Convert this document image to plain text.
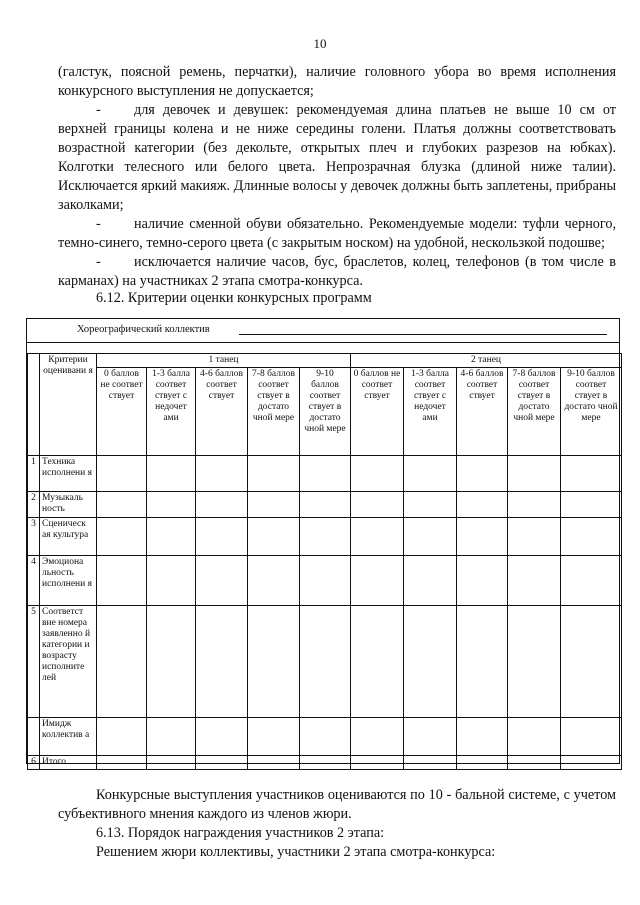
10

(галстук, поясной ремень, перчатки), наличие головного убора во время исполнения конкурсного выступления не допускается;

- для девочек и девушек: рекомендуемая длина платьев не выше 10 см от верхней границы колена и не ниже середины голени. Платья должны соответствовать возрастной категории (без декольте, открытых плеч и глубоких разрезов на юбках). Колготки телесного или белого цвета. Непрозрачная блузка (длиной ниже талии). Исключается яркий макияж. Длинные волосы у девочек должны быть заплетены, прибраны заколками;

- наличие сменной обуви обязательно. Рекомендуемые модели: туфли черного, темно-синего, темно-серого цвета (с закрытым носком) на удобной, нескользкой подошве;

- исключается наличие часов, бус, браслетов, колец, телефонов (в том числе в карманах) на участниках 2 этапа смотра-конкурса.

6.12. Критерии оценки конкурсных программ
Хореографический коллектив
	Критерии оценивани я	1 танец					2 танец				
		0 баллов не соответ ствует	1-3 балла соответ ствует с недочет ами	4-6 баллов соответ ствует	7-8 баллов соответ ствует в достато чной мере	9-10 баллов соответ ствует в достато чной мере	0 баллов не соответ ствует	1-3 балла соответ ствует с недочет ами	4-6 баллов соответ ствует	7-8 баллов соответ ствует в достато чной мере	9-10 баллов соответ ствует в достато чной мере
1	Техника исполнени я										
2	Музыкаль ность										
3	Сценическ ая культура										
4	Эмоциона льность исполнени я										
5	Соответст вие номера заявленно й категории и возрасту исполните лей										
	Имидж коллектив а										
6	Итого										

Конкурсные выступления участников оцениваются по 10 - бальной системе, с учетом субъективного мнения каждого из членов жюри.

6.13. Порядок награждения участников 2 этапа:

Решением жюри коллективы, участники 2 этапа смотра-конкурса:
